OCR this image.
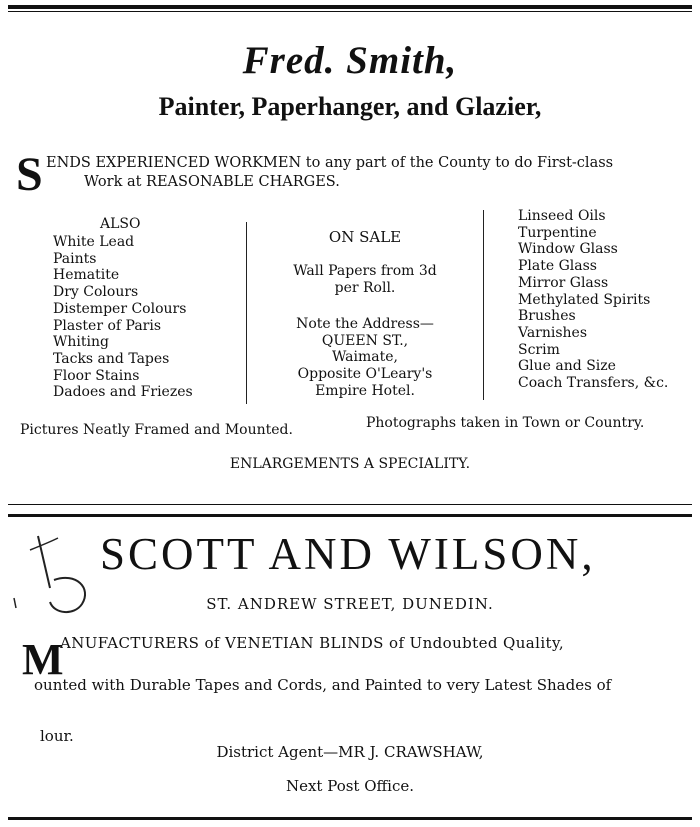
Fred. Smith,
Painter, Paperhanger, and Glazier,
S ENDS EXPERIENCED WORKMEN to any part of the County to do First-class
Work at REASONABLE CHARGES.
ALSO
White Lead
Paints
Hematite
Dry Colours
Distemper Colours
Plaster of Paris
Whiting
Tacks and Tapes
Floor Stains
Dadoes and Friezes
ON SALE
Wall Papers from 3d
per Roll.
Note the Address—
QUEEN ST.,
Waimate,
Opposite O'Leary's
Empire Hotel.
Linseed Oils
Turpentine
Window Glass
Plate Glass
Mirror Glass
Methylated Spirits
Brushes
Varnishes
Scrim
Glue and Size
Coach Transfers, &c.
Pictures Neatly Framed and Mounted.	Photographs taken in Town or Country.
ENLARGEMENTS A SPECIALITY.
SCOTT AND WILSON,
ST. ANDREW STREET, DUNEDIN.
M
ANUFACTURERS of VENETIAN BLINDS of Undoubted Quality,
ounted with Durable Tapes and Cords, and Painted to very Latest Shades of
lour.
District Agent—MR J. CRAWSHAW,
Next Post Office.
